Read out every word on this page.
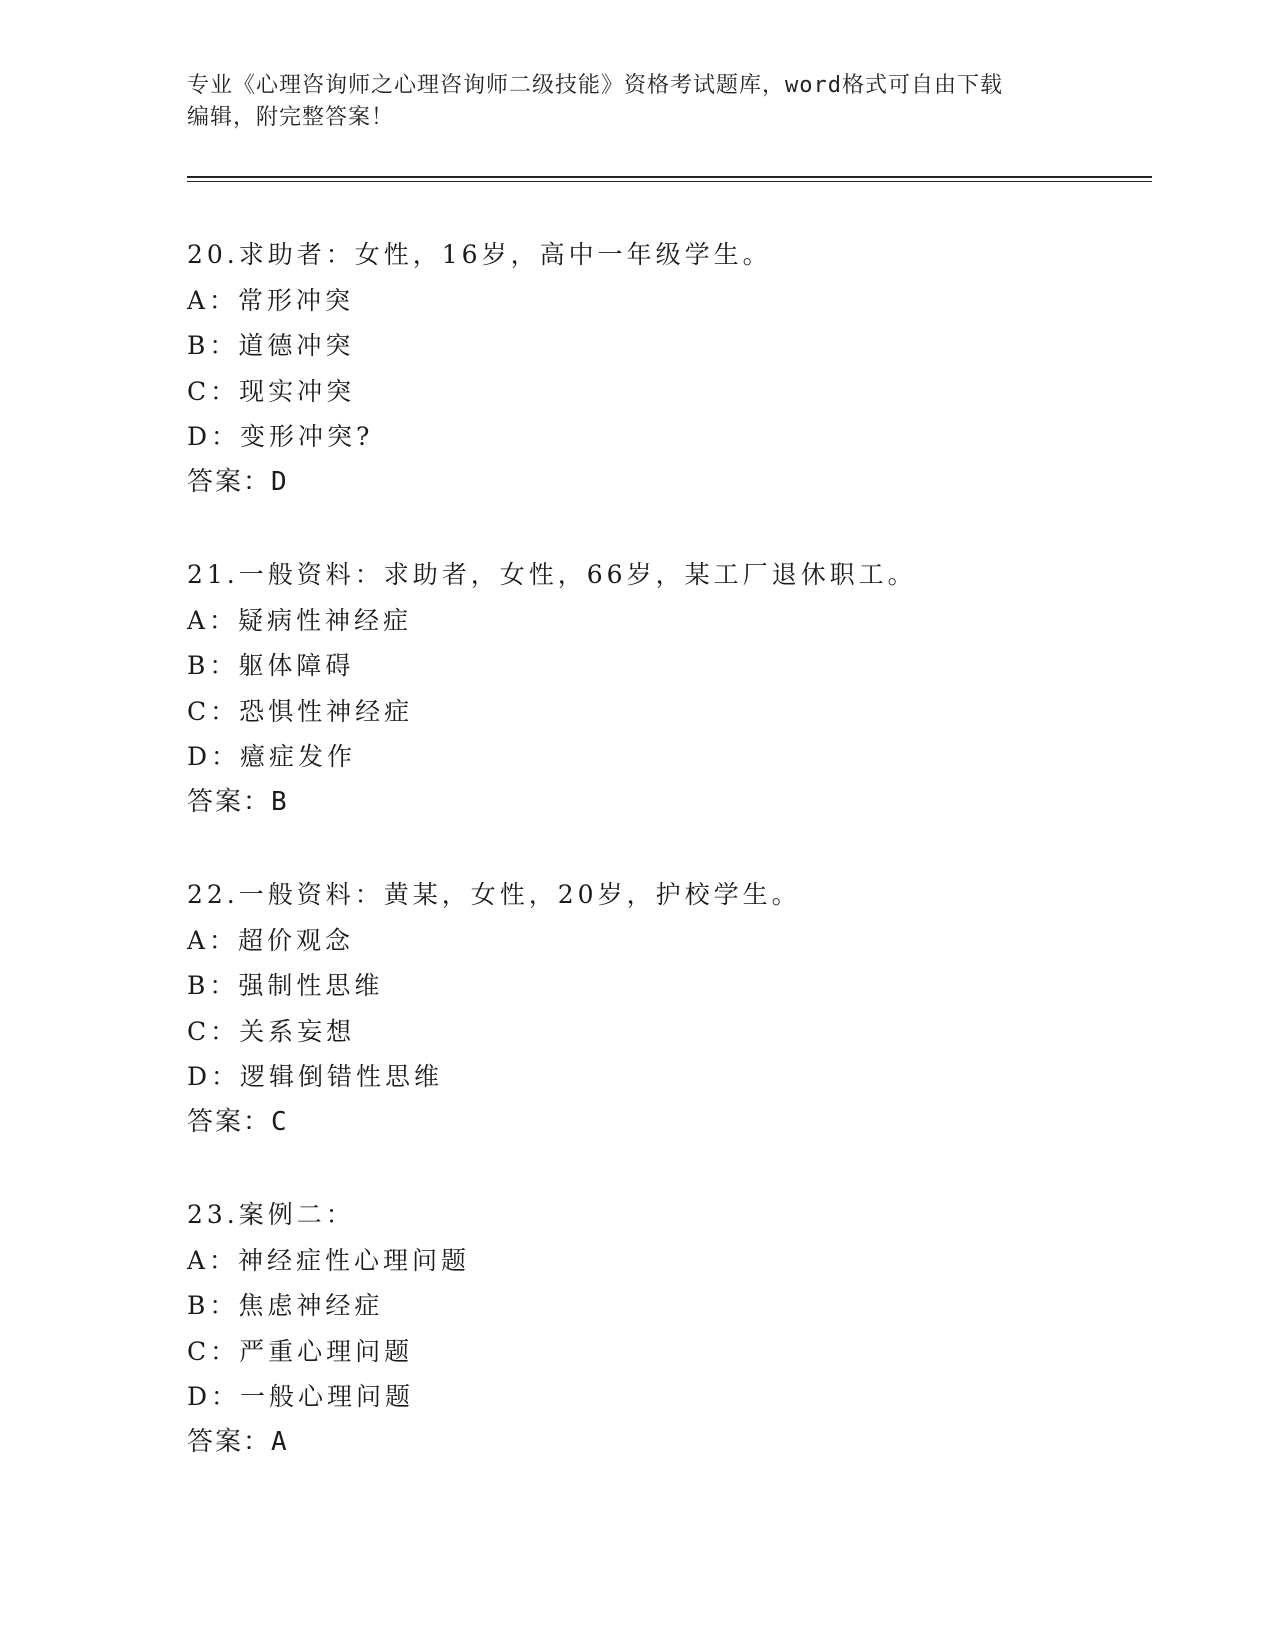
专业《心理咨询师之心理咨询师二级技能》资格考试题库，word格式可自由下载
编辑，附完整答案！
20.求助者：女性，16岁，高中一年级学生。
A：常形冲突
B：道德冲突
C：现实冲突
D：变形冲突?
答案：D
21.一般资料：求助者，女性，66岁，某工厂退休职工。
A：疑病性神经症
B：躯体障碍
C：恐惧性神经症
D：癔症发作
答案：B
22.一般资料：黄某，女性，20岁，护校学生。
A：超价观念
B：强制性思维
C：关系妄想
D：逻辑倒错性思维
答案：C
23.案例二：
A：神经症性心理问题
B：焦虑神经症
C：严重心理问题
D：一般心理问题
答案：A
